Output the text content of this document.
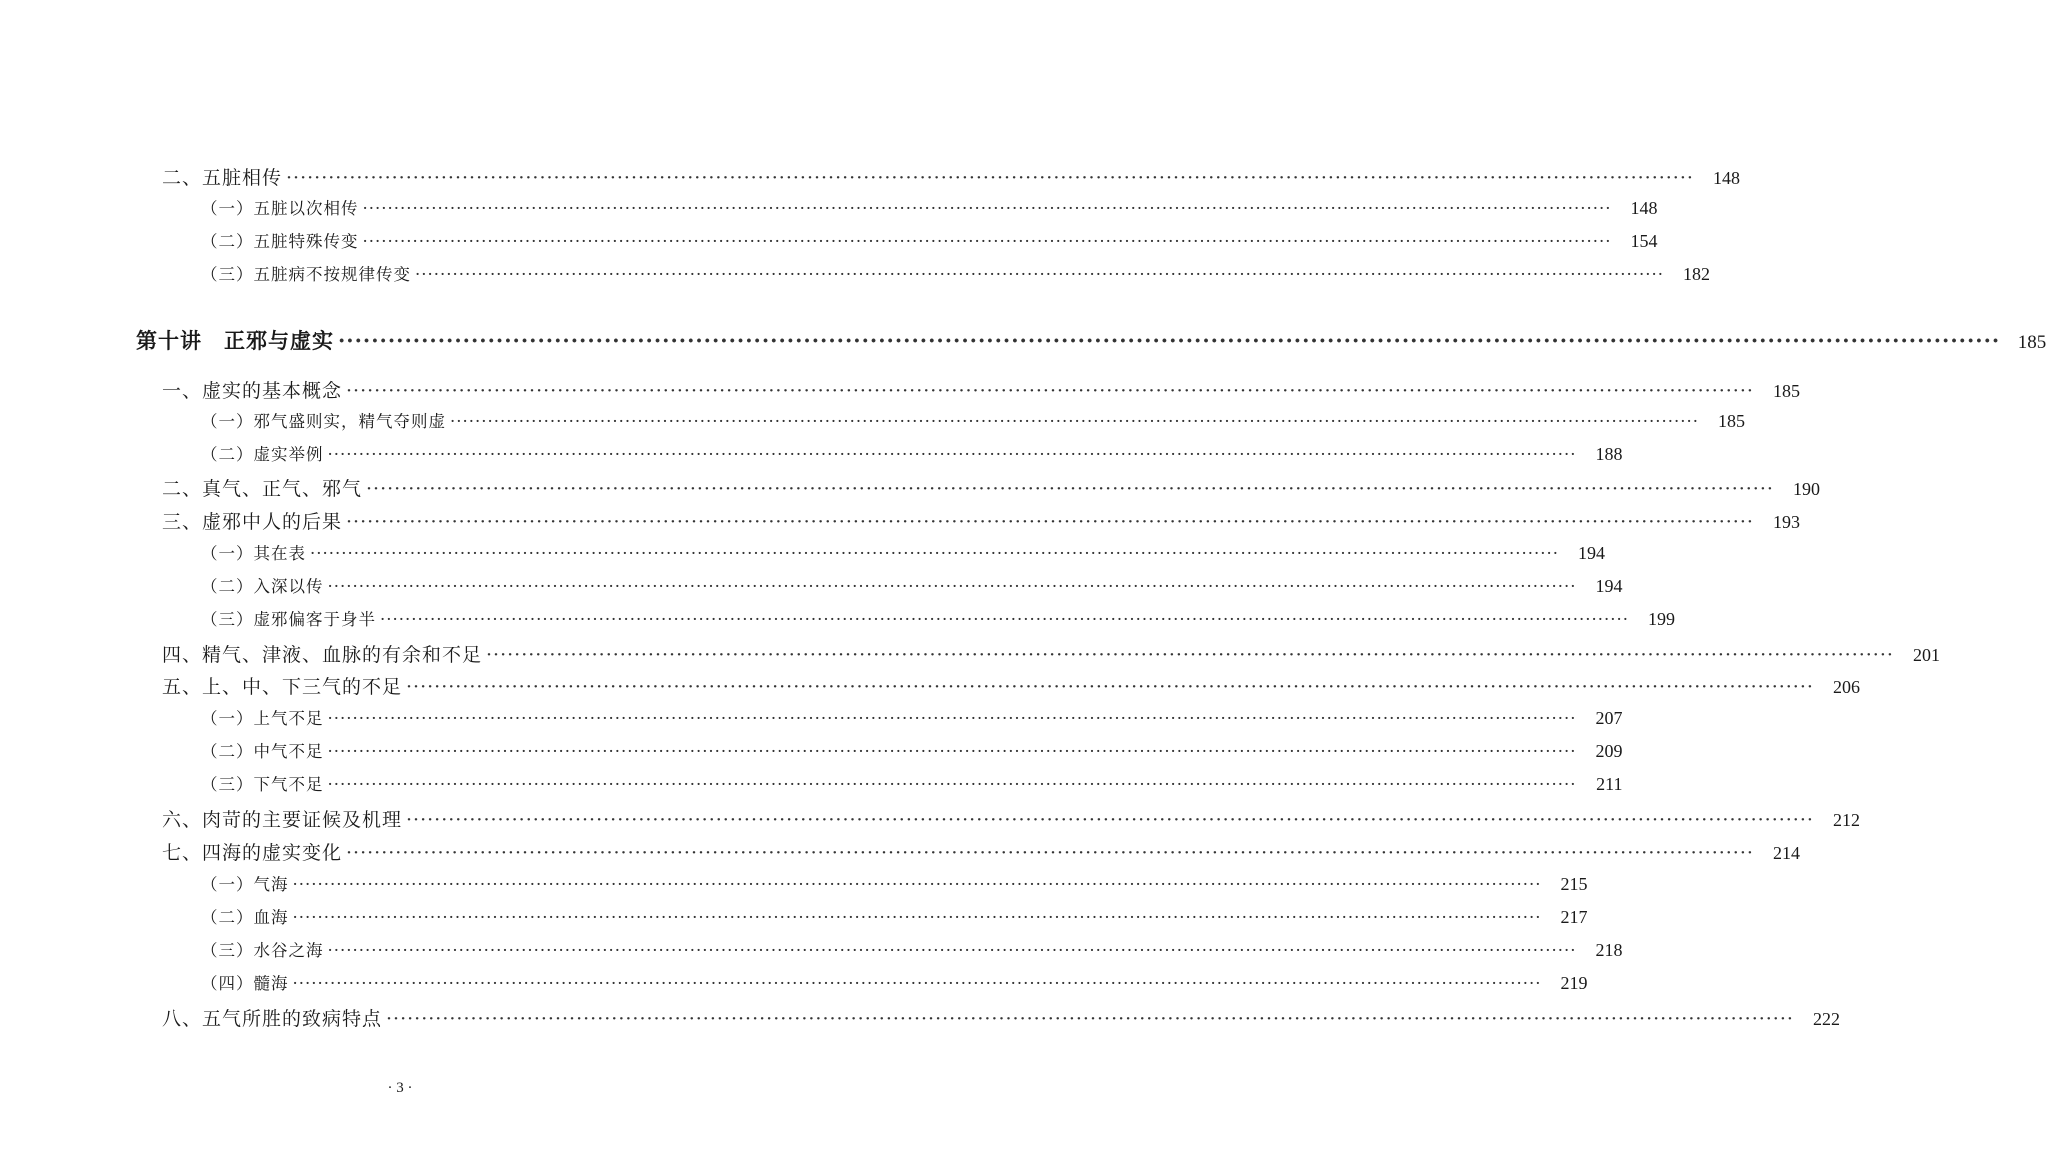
二、五脏相传 ········································································································································································································	148
（一）五脏以次相传 ········································································································································································································	148
（二）五脏特殊传变 ········································································································································································································	154
（三）五脏病不按规律传变 ········································································································································································································	182
第十讲　正邪与虚实 ········································································································································································································ 185
一、虚实的基本概念 ········································································································································································································	185
（一）邪气盛则实，精气夺则虚 ········································································································································································································	185
（二）虚实举例 ········································································································································································································	188
二、真气、正气、邪气 ········································································································································································································	190
三、虚邪中人的后果 ········································································································································································································	193
（一）其在表 ········································································································································································································	194
（二）入深以传 ········································································································································································································	194
（三）虚邪偏客于身半 ········································································································································································································	199
四、精气、津液、血脉的有余和不足 ········································································································································································································	201
五、上、中、下三气的不足 ········································································································································································································	206
（一）上气不足 ········································································································································································································	207
（二）中气不足 ········································································································································································································	209
（三）下气不足 ········································································································································································································	211
六、肉苛的主要证候及机理 ········································································································································································································	212
七、四海的虚实变化 ········································································································································································································	214
（一）气海 ········································································································································································································	215
（二）血海 ········································································································································································································	217
（三）水谷之海 ········································································································································································································	218
（四）髓海 ········································································································································································································	219
八、五气所胜的致病特点 ········································································································································································································	222
· 3 ·
